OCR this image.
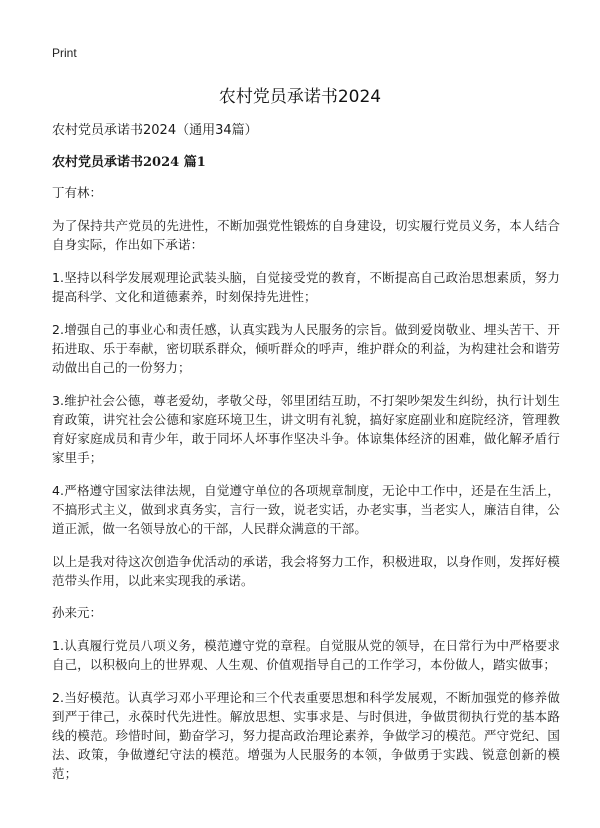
Print
农村党员承诺书2024

农村党员承诺书2024（通用34篇）

农村党员承诺书2024 篇1

丁有林：

为了保持共产党员的先进性，不断加强党性锻炼的自身建设，切实履行党员义务，本人结合自身实际，作出如下承诺：

1.坚持以科学发展观理论武装头脑，自觉接受党的教育，不断提高自己政治思想素质，努力提高科学、文化和道德素养，时刻保持先进性；

2.增强自己的事业心和责任感，认真实践为人民服务的宗旨。做到爱岗敬业、埋头苦干、开拓进取、乐于奉献，密切联系群众，倾听群众的呼声，维护群众的利益，为构建社会和谐劳动做出自己的一份努力；

3.维护社会公德，尊老爱幼，孝敬父母，邻里团结互助，不打架吵架发生纠纷，执行计划生育政策，讲究社会公德和家庭环境卫生，讲文明有礼貌，搞好家庭副业和庭院经济，管理教育好家庭成员和青少年，敢于同坏人坏事作坚决斗争。体谅集体经济的困难，做化解矛盾行家里手；

4.严格遵守国家法律法规，自觉遵守单位的各项规章制度，无论中工作中，还是在生活上，不搞形式主义，做到求真务实，言行一致，说老实话，办老实事，当老实人，廉洁自律，公道正派，做一名领导放心的干部，人民群众满意的干部。

以上是我对待这次创造争优活动的承诺，我会将努力工作，积极进取，以身作则，发挥好模范带头作用，以此来实现我的承诺。

孙来元：

1.认真履行党员八项义务，模范遵守党的章程。自觉服从党的领导，在日常行为中严格要求自己，以积极向上的世界观、人生观、价值观指导自己的工作学习，本份做人，踏实做事；

2.当好模范。认真学习邓小平理论和三个代表重要思想和科学发展观，不断加强党的修养做到严于律己，永葆时代先进性。解放思想、实事求是、与时俱进，争做贯彻执行党的基本路线的模范。珍惜时间，勤奋学习，努力提高政治理论素养，争做学习的模范。严守党纪、国法、政策，争做遵纪守法的模范。增强为人民服务的本领，争做勇于实践、锐意创新的模范；
